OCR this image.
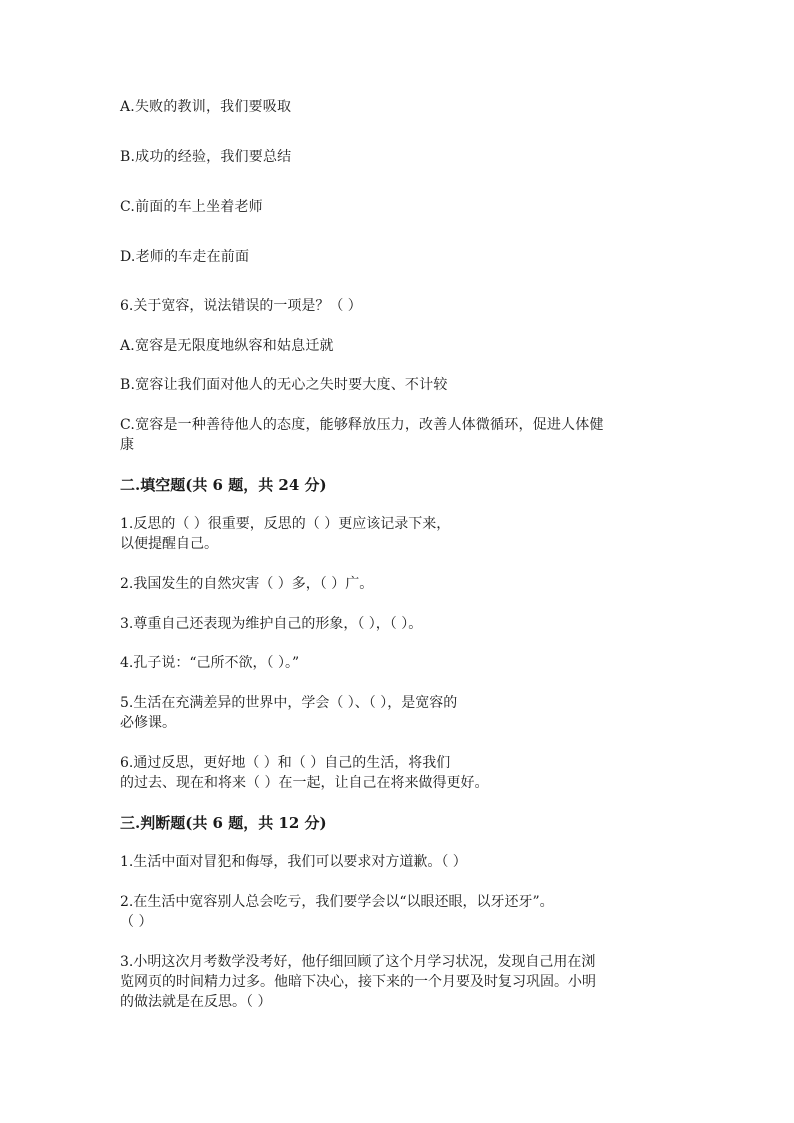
A.失败的教训，我们要吸取
B.成功的经验，我们要总结
C.前面的车上坐着老师
D.老师的车走在前面
6.关于宽容，说法错误的一项是？（ ）
A.宽容是无限度地纵容和姑息迁就
B.宽容让我们面对他人的无心之失时要大度、不计较
C.宽容是一种善待他人的态度，能够释放压力，改善人体微循环，促进人体健
康
二.填空题(共 6 题，共 24 分)
1.反思的（ ）很重要，反思的（ ）更应该记录下来，
以便提醒自己。
2.我国发生的自然灾害（ ）多，（ ）广。
3.尊重自己还表现为维护自己的形象，（ ），（ ）。
4.孔子说：“己所不欲，（ ）。”
5.生活在充满差异的世界中，学会（ ）、（ ），是宽容的
必修课。
6.通过反思，更好地（ ）和（ ）自己的生活，将我们
的过去、现在和将来（ ）在一起，让自己在将来做得更好。
三.判断题(共 6 题，共 12 分)
1.生活中面对冒犯和侮辱，我们可以要求对方道歉。（ ）
2.在生活中宽容别人总会吃亏，我们要学会以“以眼还眼，以牙还牙”。
（ ）
3.小明这次月考数学没考好，他仔细回顾了这个月学习状况，发现自己用在浏
览网页的时间精力过多。他暗下决心，接下来的一个月要及时复习巩固。小明
的做法就是在反思。（ ）
